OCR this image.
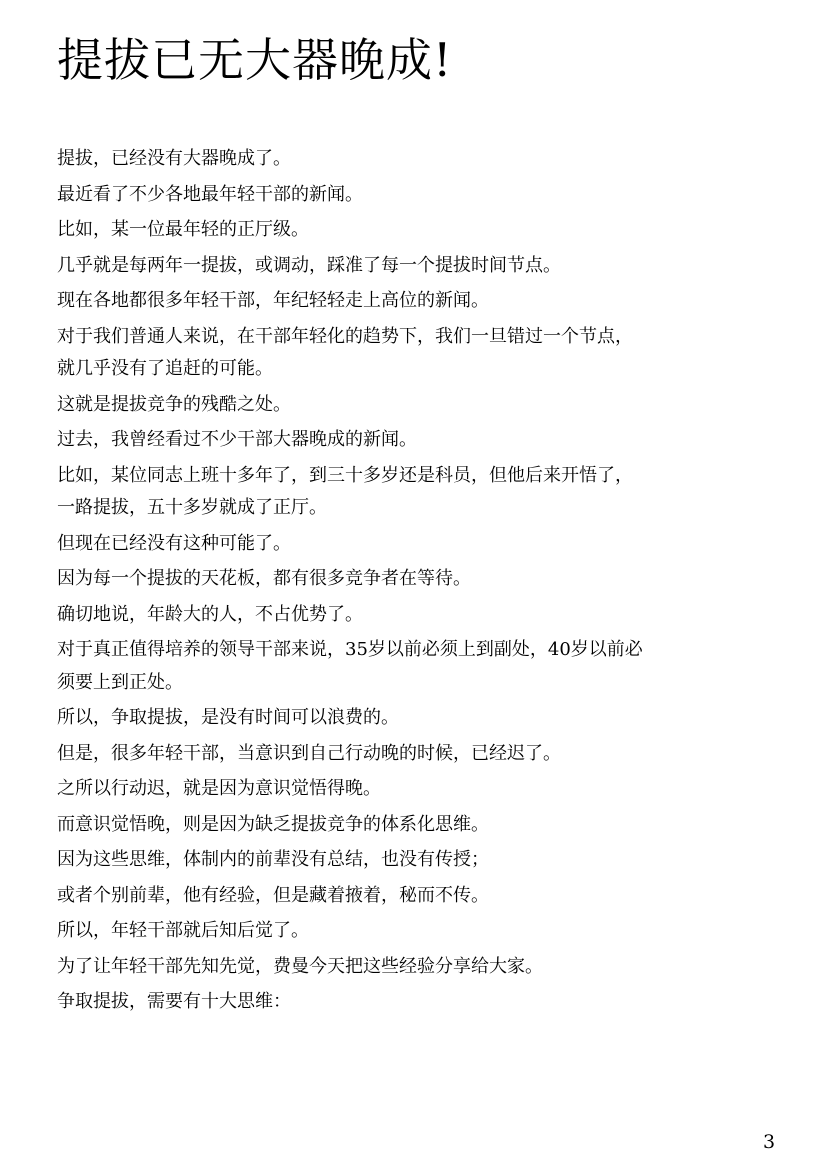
提拔已无大器晚成!

提拔，已经没有大器晚成了。

最近看了不少各地最年轻干部的新闻。

比如，某一位最年轻的正厅级。

几乎就是每两年一提拔，或调动，踩准了每一个提拔时间节点。

现在各地都很多年轻干部，年纪轻轻走上高位的新闻。

对于我们普通人来说，在干部年轻化的趋势下，我们一旦错过一个节点，
就几乎没有了追赶的可能。

这就是提拔竞争的残酷之处。

过去，我曾经看过不少干部大器晚成的新闻。

比如，某位同志上班十多年了，到三十多岁还是科员，但他后来开悟了，
一路提拔，五十多岁就成了正厅。

但现在已经没有这种可能了。

因为每一个提拔的天花板，都有很多竞争者在等待。

确切地说，年龄大的人，不占优势了。

对于真正值得培养的领导干部来说，35岁以前必须上到副处，40岁以前必
须要上到正处。

所以，争取提拔，是没有时间可以浪费的。

但是，很多年轻干部，当意识到自己行动晚的时候，已经迟了。

之所以行动迟，就是因为意识觉悟得晚。

而意识觉悟晚，则是因为缺乏提拔竞争的体系化思维。

因为这些思维，体制内的前辈没有总结，也没有传授；

或者个别前辈，他有经验，但是藏着掖着，秘而不传。

所以，年轻干部就后知后觉了。

为了让年轻干部先知先觉，费曼今天把这些经验分享给大家。

争取提拔，需要有十大思维：

3
